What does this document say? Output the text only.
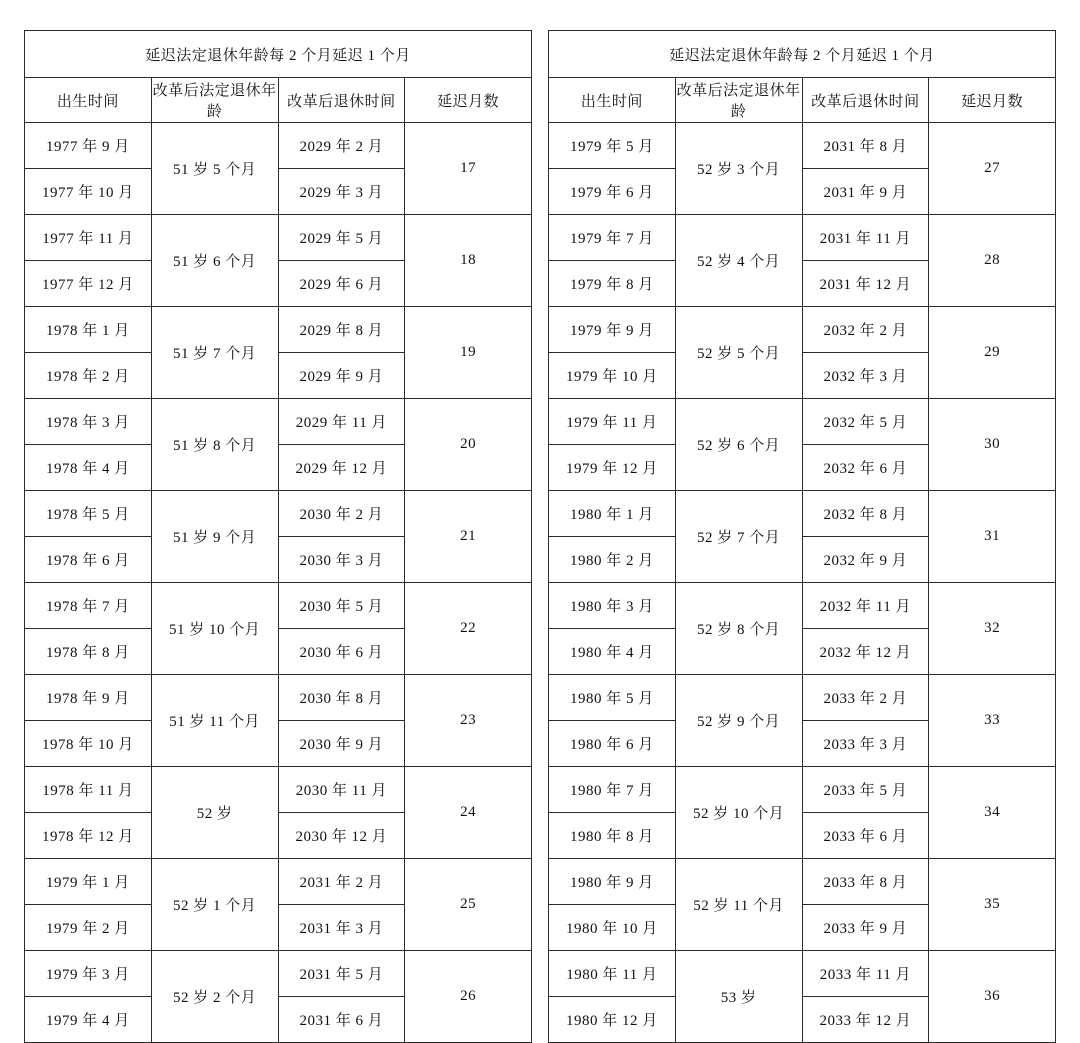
延迟法定退休年龄每 2 个月延迟 1 个月			
出生时间	改革后法定退休年龄	改革后退休时间	延迟月数
1977 年 9 月	51 岁 5 个月	2029 年 2 月	17
1977 年 10 月		2029 年 3 月	
1977 年 11 月	51 岁 6 个月	2029 年 5 月	18
1977 年 12 月		2029 年 6 月	
1978 年 1 月	51 岁 7 个月	2029 年 8 月	19
1978 年 2 月		2029 年 9 月	
1978 年 3 月	51 岁 8 个月	2029 年 11 月	20
1978 年 4 月		2029 年 12 月	
1978 年 5 月	51 岁 9 个月	2030 年 2 月	21
1978 年 6 月		2030 年 3 月	
1978 年 7 月	51 岁 10 个月	2030 年 5 月	22
1978 年 8 月		2030 年 6 月	
1978 年 9 月	51 岁 11 个月	2030 年 8 月	23
1978 年 10 月		2030 年 9 月	
1978 年 11 月	52 岁	2030 年 11 月	24
1978 年 12 月		2030 年 12 月	
1979 年 1 月	52 岁 1 个月	2031 年 2 月	25
1979 年 2 月		2031 年 3 月	
1979 年 3 月	52 岁 2 个月	2031 年 5 月	26
1979 年 4 月		2031 年 6 月	
延迟法定退休年龄每 2 个月延迟 1 个月			
出生时间	改革后法定退休年龄	改革后退休时间	延迟月数
1979 年 5 月	52 岁 3 个月	2031 年 8 月	27
1979 年 6 月		2031 年 9 月	
1979 年 7 月	52 岁 4 个月	2031 年 11 月	28
1979 年 8 月		2031 年 12 月	
1979 年 9 月	52 岁 5 个月	2032 年 2 月	29
1979 年 10 月		2032 年 3 月	
1979 年 11 月	52 岁 6 个月	2032 年 5 月	30
1979 年 12 月		2032 年 6 月	
1980 年 1 月	52 岁 7 个月	2032 年 8 月	31
1980 年 2 月		2032 年 9 月	
1980 年 3 月	52 岁 8 个月	2032 年 11 月	32
1980 年 4 月		2032 年 12 月	
1980 年 5 月	52 岁 9 个月	2033 年 2 月	33
1980 年 6 月		2033 年 3 月	
1980 年 7 月	52 岁 10 个月	2033 年 5 月	34
1980 年 8 月		2033 年 6 月	
1980 年 9 月	52 岁 11 个月	2033 年 8 月	35
1980 年 10 月		2033 年 9 月	
1980 年 11 月	53 岁	2033 年 11 月	36
1980 年 12 月		2033 年 12 月	
